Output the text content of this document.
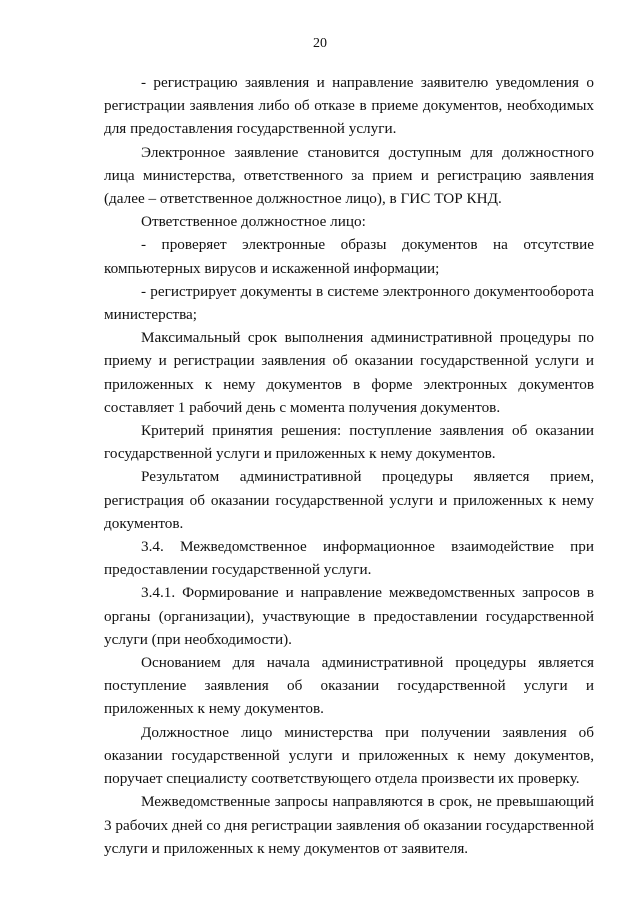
20

- регистрацию заявления и направление заявителю уведомления о регистрации заявления либо об отказе в приеме документов, необходимых для предоставления государственной услуги.

Электронное заявление становится доступным для должностного лица министерства, ответственного за прием и регистрацию заявления (далее – ответственное должностное лицо), в ГИС ТОР КНД.

Ответственное должностное лицо:

- проверяет электронные образы документов на отсутствие компьютерных вирусов и искаженной информации;

- регистрирует документы в системе электронного документооборота министерства;

Максимальный срок выполнения административной процедуры по приему и регистрации заявления об оказании государственной услуги и приложенных к нему документов в форме электронных документов составляет 1 рабочий день с момента получения документов.

Критерий принятия решения: поступление заявления об оказании государственной услуги и приложенных к нему документов.

Результатом административной процедуры является прием, регистрация об оказании государственной услуги и приложенных к нему документов.

3.4. Межведомственное информационное взаимодействие при предоставлении государственной услуги.

3.4.1. Формирование и направление межведомственных запросов в органы (организации), участвующие в предоставлении государственной услуги (при необходимости).

Основанием для начала административной процедуры является поступление заявления об оказании государственной услуги и приложенных к нему документов.

Должностное лицо министерства при получении заявления об оказании государственной услуги и приложенных к нему документов, поручает специалисту соответствующего отдела произвести их проверку.

Межведомственные запросы направляются в срок, не превышающий 3 рабочих дней со дня регистрации заявления об оказании государственной услуги и приложенных к нему документов от заявителя.
